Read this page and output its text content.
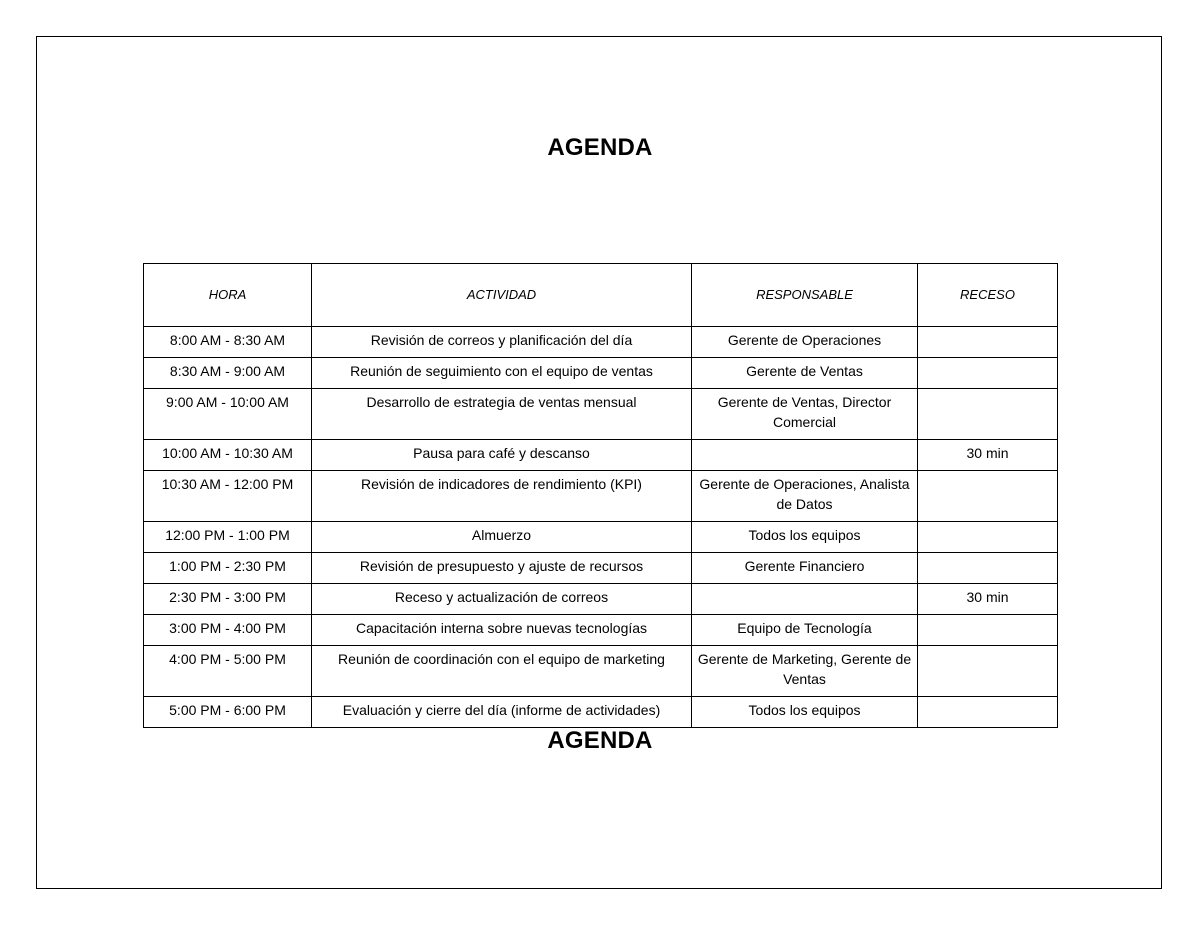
AGENDA
HORA	ACTIVIDAD	RESPONSABLE	RECESO
8:00 AM - 8:30 AM	Revisión de correos y planificación del día	Gerente de Operaciones	
8:30 AM - 9:00 AM	Reunión de seguimiento con el equipo de ventas	Gerente de Ventas	
9:00 AM - 10:00 AM	Desarrollo de estrategia de ventas mensual	Gerente de Ventas, Director Comercial	
10:00 AM - 10:30 AM	Pausa para café y descanso		30 min
10:30 AM - 12:00 PM	Revisión de indicadores de rendimiento (KPI)	Gerente de Operaciones, Analista de Datos	
12:00 PM - 1:00 PM	Almuerzo	Todos los equipos	
1:00 PM - 2:30 PM	Revisión de presupuesto y ajuste de recursos	Gerente Financiero	
2:30 PM - 3:00 PM	Receso y actualización de correos		30 min
3:00 PM - 4:00 PM	Capacitación interna sobre nuevas tecnologías	Equipo de Tecnología	
4:00 PM - 5:00 PM	Reunión de coordinación con el equipo de marketing	Gerente de Marketing, Gerente de Ventas	
5:00 PM - 6:00 PM	Evaluación y cierre del día (informe de actividades)	Todos los equipos	
AGENDA
